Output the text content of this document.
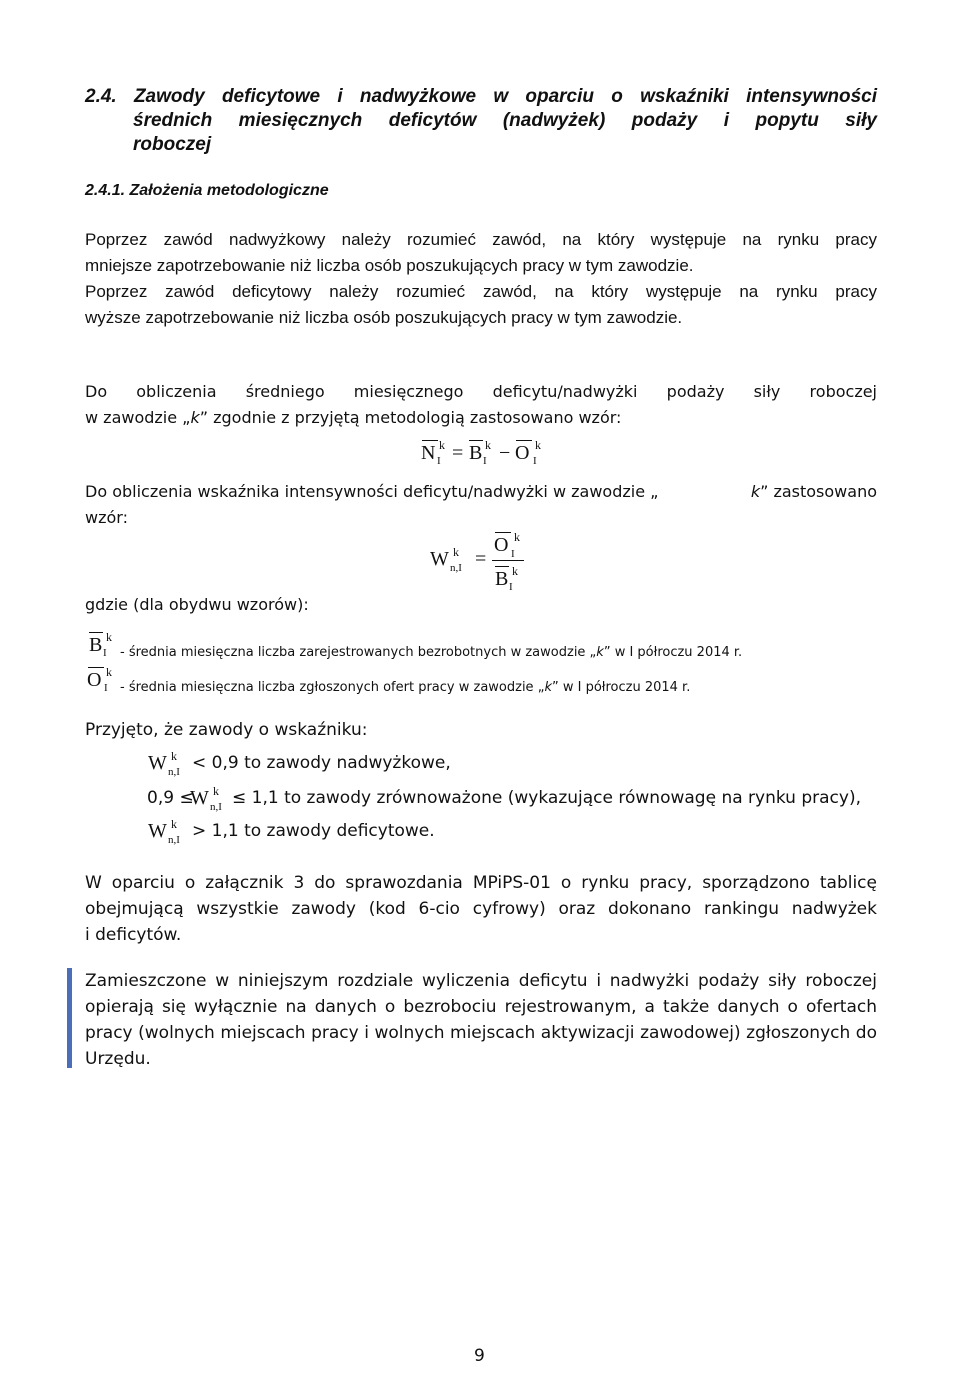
2.4. Zawody deficytowe i nadwyżkowe w oparciu o wskaźniki intensywności

średnich miesięcznych deficytów (nadwyżek) podaży i popytu siły

roboczej

2.4.1. Założenia metodologiczne

Poprzez zawód nadwyżkowy należy rozumieć zawód, na który występuje na rynku pracy

mniejsze zapotrzebowanie niż liczba osób poszukujących pracy w tym zawodzie.

Poprzez zawód deficytowy należy rozumieć zawód, na który występuje na rynku pracy

wyższe zapotrzebowanie niż liczba osób poszukujących pracy w tym zawodzie.

Do obliczenia średniego miesięcznego deficytu/nadwyżki podaży siły roboczej

w zawodzie „k” zgodnie z przyjętą metodologią zastosowano wzór:

N k
I = B k
I − O k
I

Do obliczenia wskaźnika intensywności deficytu/nadwyżki w zawodzie „	k ” zastosowano

wzór:

W k
n,I =
O k
I
B k
I

gdzie (dla obydwu wzorów):

B k
I - średnia miesięczna liczba zarejestrowanych bezrobotnych w zawodzie „k” w I półroczu 2014 r.

O k
I - średnia miesięczna liczba zgłoszonych ofert pracy w zawodzie „k” w I półroczu 2014 r.

Przyjęto, że zawody o wskaźniku:

W k
n,I < 0,9 to zawody nadwyżkowe,

0,9 ≤

W k
n,I ≤ 1,1 to zawody zrównoważone (wykazujące równowagę na rynku pracy),

W k
n,I > 1,1 to zawody deficytowe.

W oparciu o załącznik 3 do sprawozdania MPiPS-01 o rynku pracy, sporządzono tablicę

obejmującą wszystkie zawody (kod 6-cio cyfrowy) oraz dokonano rankingu nadwyżek

i deficytów.

Zamieszczone w niniejszym rozdziale wyliczenia deficytu i nadwyżki podaży siły roboczej

opierają się wyłącznie na danych o bezrobociu rejestrowanym, a także danych o ofertach

pracy (wolnych miejscach pracy i wolnych miejscach aktywizacji zawodowej) zgłoszonych do

Urzędu.

9
